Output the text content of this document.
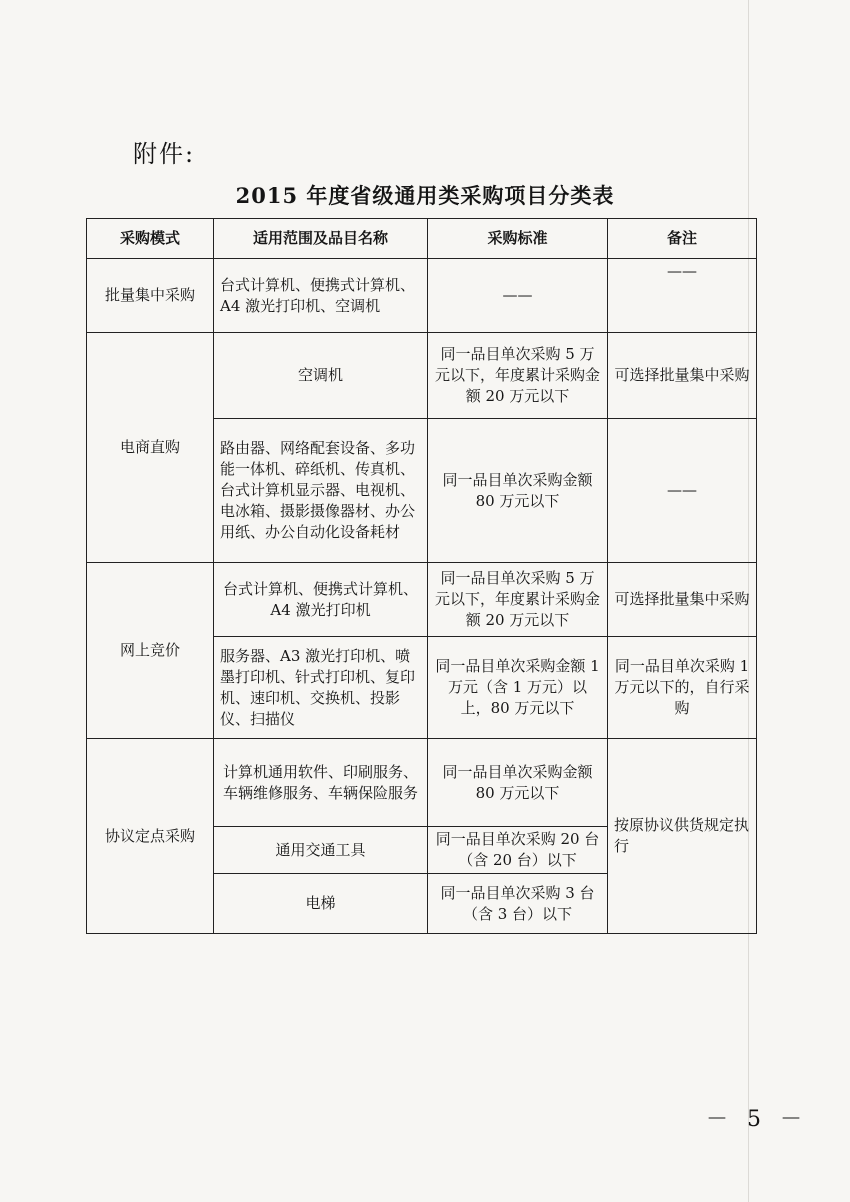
附件:
2015 年度省级通用类采购项目分类表
采购模式	适用范围及品目名称	采购标准	备注
批量集中采购	台式计算机、便携式计算机、A4 激光打印机、空调机	——	——
电商直购	空调机	同一品目单次采购 5 万元以下，年度累计采购金额 20 万元以下	可选择批量集中采购
	路由器、网络配套设备、多功能一体机、碎纸机、传真机、台式计算机显示器、电视机、电冰箱、摄影摄像器材、办公用纸、办公自动化设备耗材	同一品目单次采购金额 80 万元以下	——
网上竞价	台式计算机、便携式计算机、A4 激光打印机	同一品目单次采购 5 万元以下，年度累计采购金额 20 万元以下	可选择批量集中采购
	服务器、A3 激光打印机、喷墨打印机、针式打印机、复印机、速印机、交换机、投影仪、扫描仪	同一品目单次采购金额 1 万元（含 1 万元）以上，80 万元以下	同一品目单次采购 1 万元以下的，自行采购
协议定点采购	计算机通用软件、印刷服务、车辆维修服务、车辆保险服务	同一品目单次采购金额 80 万元以下	按原协议供货规定执行
	通用交通工具	同一品目单次采购 20 台（含 20 台）以下	
	电梯	同一品目单次采购 3 台（含 3 台）以下	
－ 5 －
